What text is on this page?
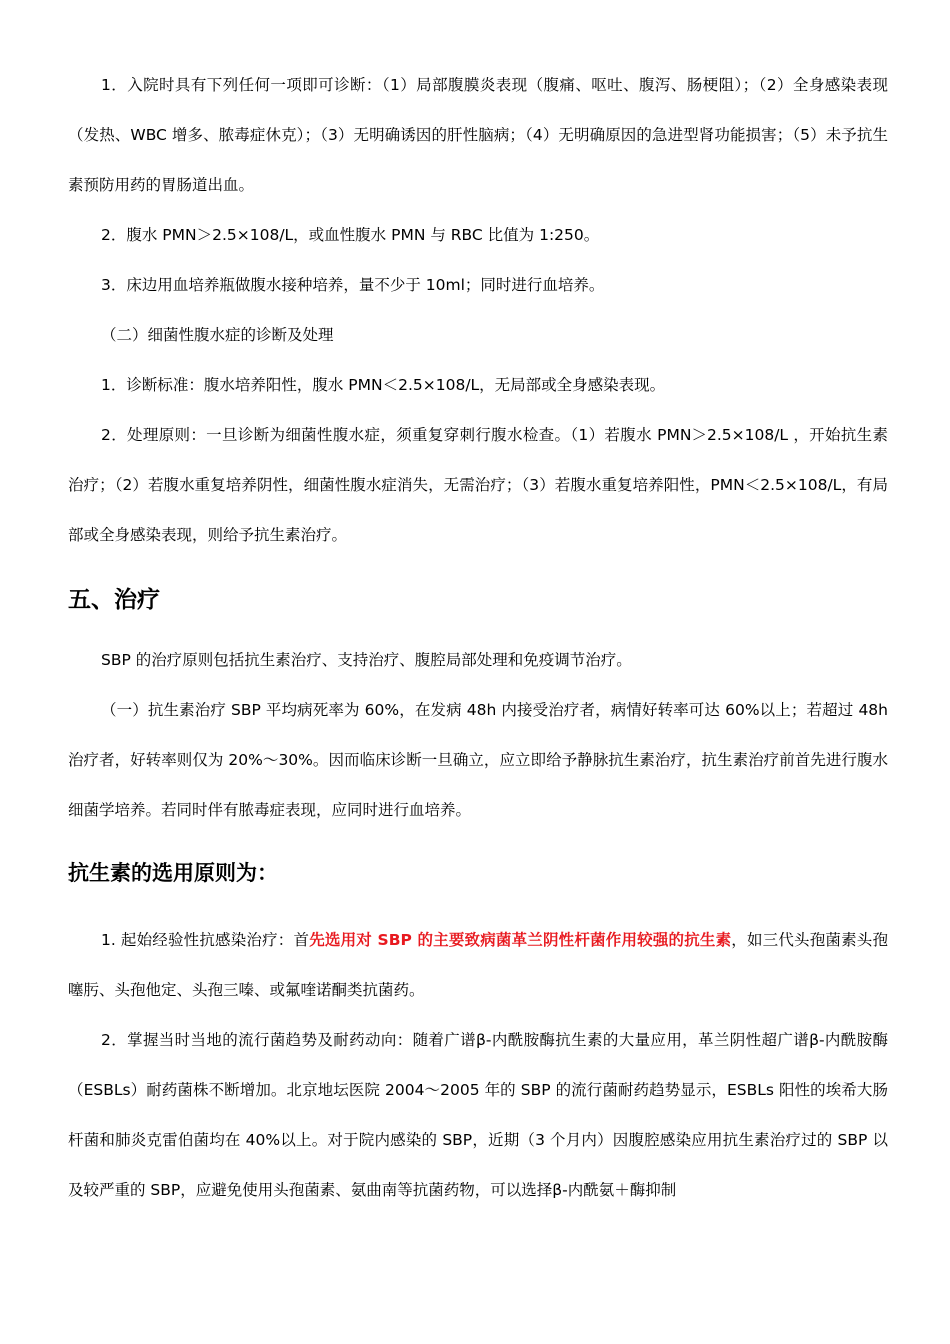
1．入院时具有下列任何一项即可诊断：（1）局部腹膜炎表现（腹痛、呕吐、腹泻、肠梗阻）；（2）全身感染表现（发热、WBC 增多、脓毒症休克）；（3）无明确诱因的肝性脑病；（4）无明确原因的急进型肾功能损害；（5）未予抗生素预防用药的胃肠道出血。

2．腹水 PMN＞2.5×108/L，或血性腹水 PMN 与 RBC 比值为 1:250。

3．床边用血培养瓶做腹水接种培养，量不少于 10ml；同时进行血培养。

（二）细菌性腹水症的诊断及处理

1．诊断标准：腹水培养阳性，腹水 PMN＜2.5×108/L，无局部或全身感染表现。

2．处理原则：一旦诊断为细菌性腹水症，须重复穿刺行腹水检查。（1）若腹水 PMN＞2.5×108/L ，开始抗生素治疗；（2）若腹水重复培养阴性，细菌性腹水症消失，无需治疗；（3）若腹水重复培养阳性，PMN＜2.5×108/L，有局部或全身感染表现，则给予抗生素治疗。

五、治疗

SBP 的治疗原则包括抗生素治疗、支持治疗、腹腔局部处理和免疫调节治疗。

（一）抗生素治疗 SBP 平均病死率为 60%，在发病 48h 内接受治疗者，病情好转率可达 60%以上；若超过 48h 治疗者，好转率则仅为 20%～30%。因而临床诊断一旦确立，应立即给予静脉抗生素治疗，抗生素治疗前首先进行腹水细菌学培养。若同时伴有脓毒症表现，应同时进行血培养。

抗生素的选用原则为：

1. 起始经验性抗感染治疗：首先选用对 SBP 的主要致病菌革兰阴性杆菌作用较强的抗生素，如三代头孢菌素头孢噻肟、头孢他定、头孢三嗪、或氟喹诺酮类抗菌药。

2．掌握当时当地的流行菌趋势及耐药动向：随着广谱β-内酰胺酶抗生素的大量应用，革兰阴性超广谱β-内酰胺酶（ESBLs）耐药菌株不断增加。北京地坛医院 2004～2005 年的 SBP 的流行菌耐药趋势显示，ESBLs 阳性的埃希大肠杆菌和肺炎克雷伯菌均在 40%以上。对于院内感染的 SBP，近期（3 个月内）因腹腔感染应用抗生素治疗过的 SBP 以及较严重的 SBP，应避免使用头孢菌素、氨曲南等抗菌药物，可以选择β-内酰氨＋酶抑制
